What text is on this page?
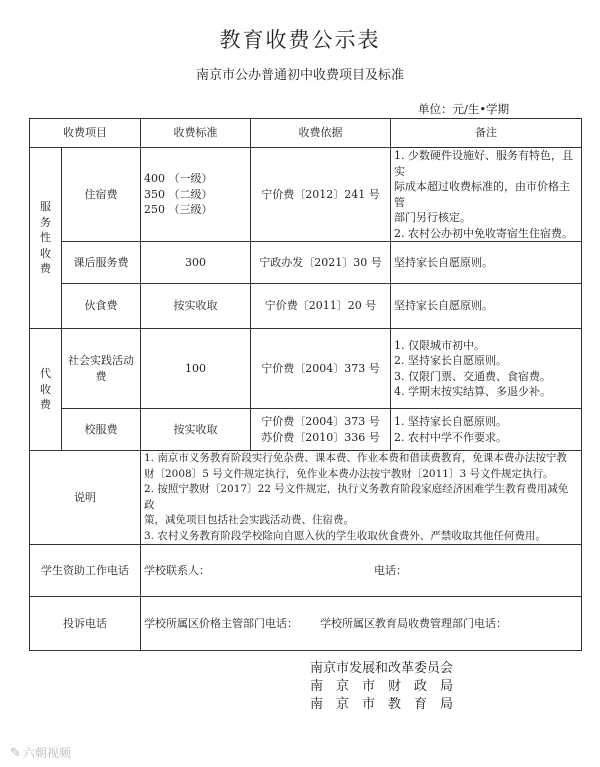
教育收费公示表
南京市公办普通初中收费项目及标准
单位：元/生•学期
收费项目		收费标准	收费依据	备注

服
务
性
收
费	住宿费	400 （一级）
350 （二级）
250 （三级）	宁价费〔2012〕241 号	1. 少数硬件设施好、服务有特色，且实
际成本超过收费标准的，由市价格主管
部门另行核定。
2. 农村公办初中免收寄宿生住宿费。

	课后服务费	300	宁政办发〔2021〕30 号	坚持家长自愿原则。
	伙食费	按实收取	宁价费〔2011〕20 号	坚持家长自愿原则。

代
收
费	社会实践活动费	100	宁价费〔2004〕373 号	1. 仅限城市初中。
2. 坚持家长自愿原则。
3. 仅限门票、交通费、食宿费。
4. 学期末按实结算、多退少补。

	校服费	按实收取	宁价费〔2004〕373 号
苏价费〔2010〕336 号	1. 坚持家长自愿原则。
2. 农村中学不作要求。

说明		1. 南京市义务教育阶段实行免杂费、课本费、作业本费和借读费教育，免课本费办法按宁教
财〔2008〕5 号文件规定执行，免作业本费办法按宁教财〔2011〕3 号文件规定执行。
2. 按照宁教财〔2017〕22 号文件规定，执行义务教育阶段家庭经济困难学生教育费用减免政
策，减免项目包括社会实践活动费、住宿费。
3. 农村义务教育阶段学校除向自愿入伙的学生收取伙食费外、严禁收取其他任何费用。		

学生资助工作电话		学校联系人： 电话：		
投诉电话		学校所属区价格主管部门电话： 学校所属区教育局收费管理部门电话：		
南京市发展和改革委员会
南　京　市　财　政　局
南　京　市　教　育　局
✎ 六朝视频
